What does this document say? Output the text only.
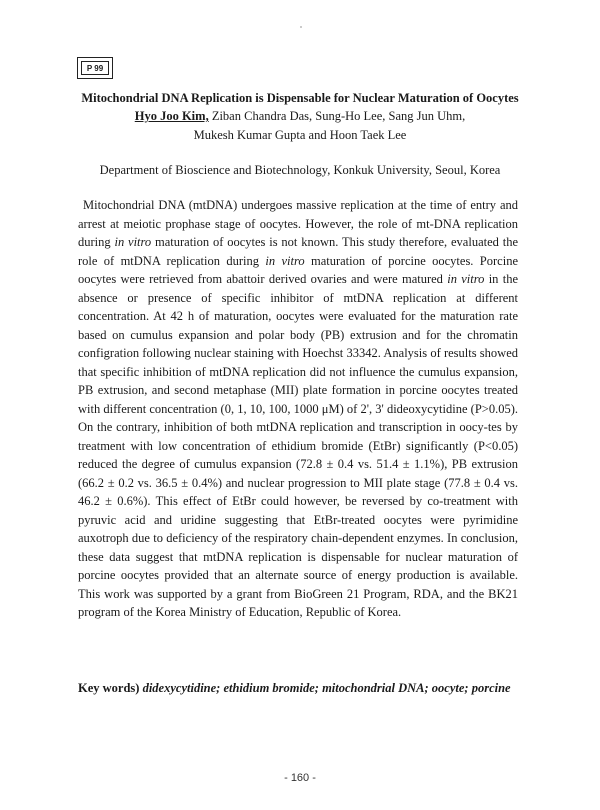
P 99
Mitochondrial DNA Replication is Dispensable for Nuclear Maturation of Oocytes
Hyo Joo Kim, Ziban Chandra Das, Sung-Ho Lee, Sang Jun Uhm,
Mukesh Kumar Gupta and Hoon Taek Lee
Department of Bioscience and Biotechnology, Konkuk University, Seoul, Korea

Mitochondrial DNA (mtDNA) undergoes massive replication at the time of entry and arrest at meiotic prophase stage of oocytes. However, the role of mt-DNA replication during in vitro maturation of oocytes is not known. This study therefore, evaluated the role of mtDNA replication during in vitro maturation of porcine oocytes. Porcine oocytes were retrieved from abattoir derived ovaries and were matured in vitro in the absence or presence of specific inhibitor of mtDNA replication at different concentration. At 42 h of maturation, oocytes were evaluated for the maturation rate based on cumulus expansion and polar body (PB) extrusion and for the chromatin configration following nuclear staining with Hoechst 33342. Analysis of results showed that specific inhibition of mtDNA replication did not influence the cumulus expansion, PB extrusion, and second metaphase (MII) plate formation in porcine oocytes treated with different concentration (0, 1, 10, 100, 1000 μM) of 2', 3' dideoxycytidine (P>0.05). On the contrary, inhibition of both mtDNA replication and transcription in oocy-tes by treatment with low concentration of ethidium bromide (EtBr) significantly (P<0.05) reduced the degree of cumulus expansion (72.8 ± 0.4 vs. 51.4 ± 1.1%), PB extrusion (66.2 ± 0.2 vs. 36.5 ± 0.4%) and nuclear progression to MII plate stage (77.8 ± 0.4 vs. 46.2 ± 0.6%). This effect of EtBr could however, be reversed by co-treatment with pyruvic acid and uridine suggesting that EtBr-treated oocytes were pyrimidine auxotroph due to deficiency of the respiratory chain-dependent enzymes. In conclusion, these data suggest that mtDNA replication is dispensable for nuclear maturation of porcine oocytes provided that an alternate source of energy production is available. This work was supported by a grant from BioGreen 21 Program, RDA, and the BK21 program of the Korea Ministry of Education, Republic of Korea.

Key words) didexycytidine; ethidium bromide; mitochondrial DNA; oocyte; porcine
- 160 -
